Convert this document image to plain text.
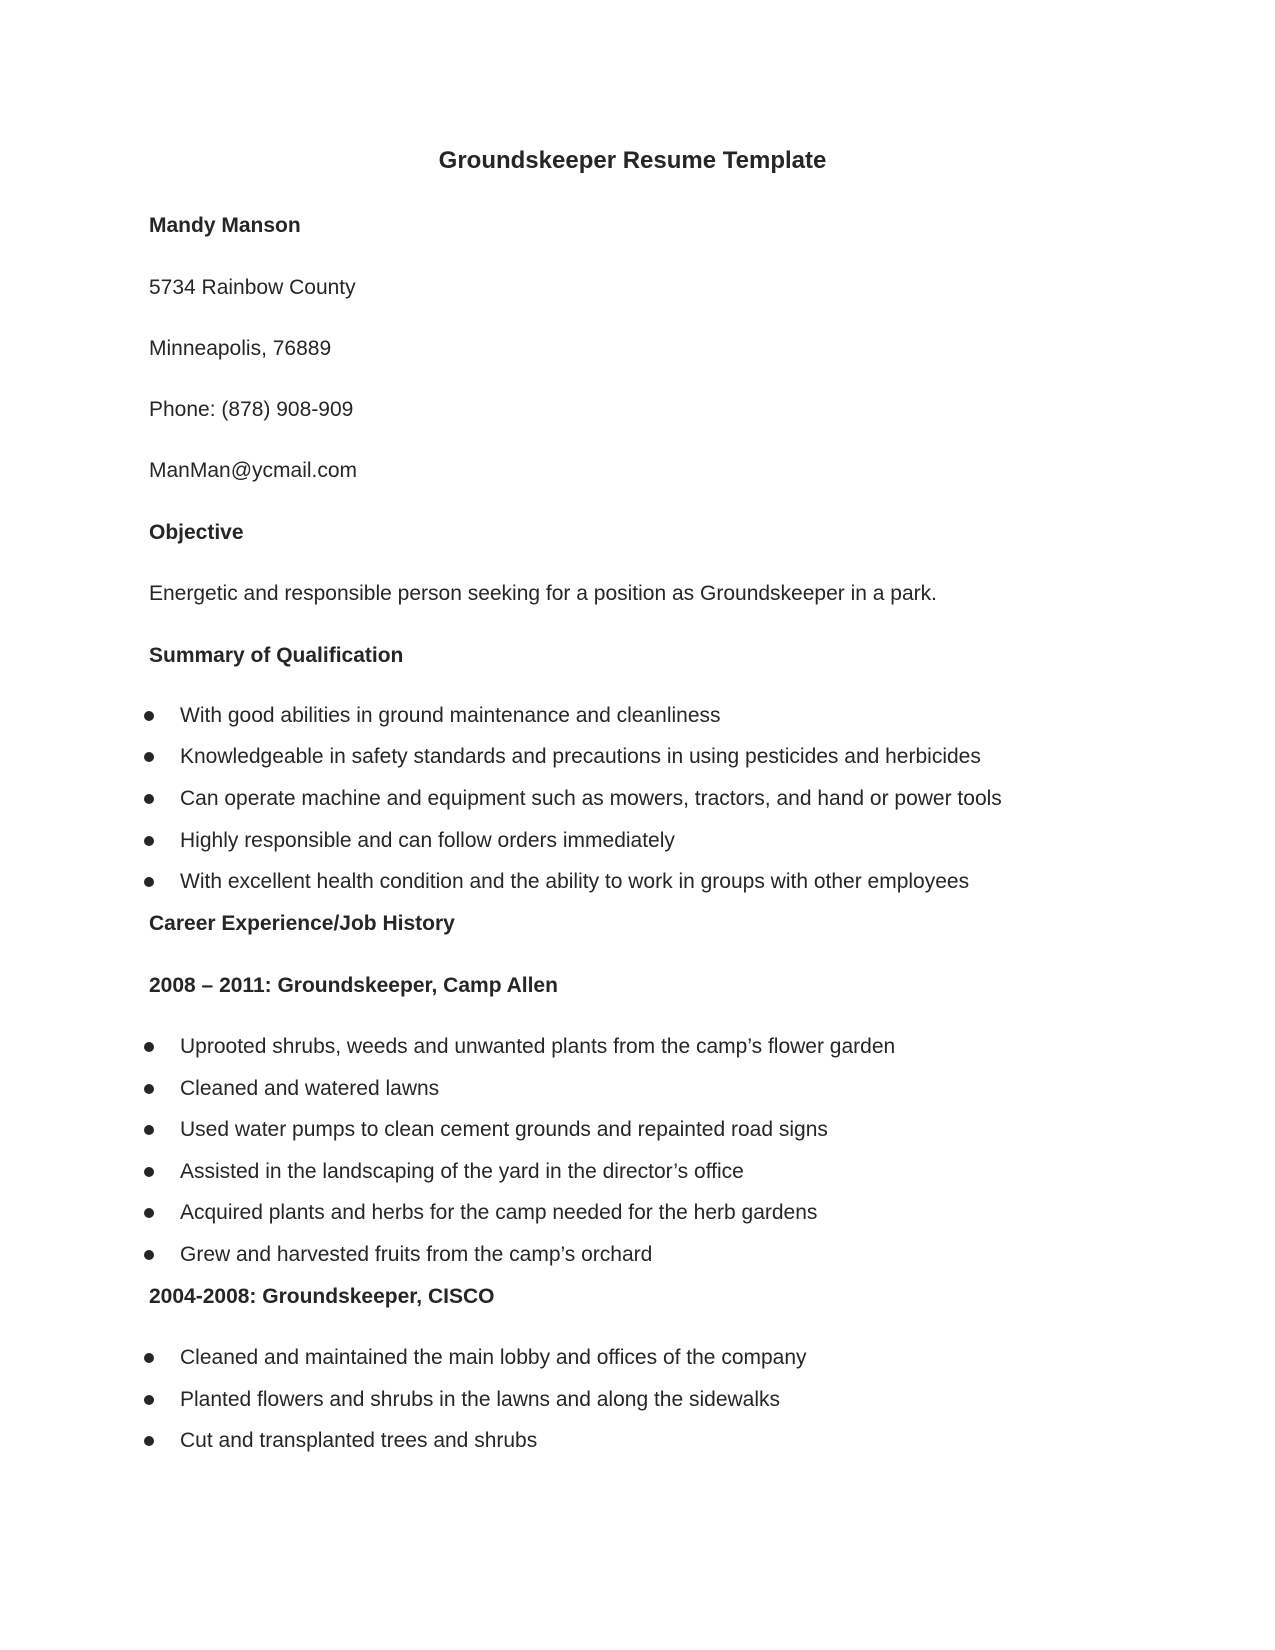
Groundskeeper Resume Template
Mandy Manson
5734 Rainbow County
Minneapolis, 76889
Phone: (878) 908-909
ManMan@ycmail.com
Objective
Energetic and responsible person seeking for a position as Groundskeeper in a park.
Summary of Qualification
With good abilities in ground maintenance and cleanliness
Knowledgeable in safety standards and precautions in using pesticides and herbicides
Can operate machine and equipment such as mowers, tractors, and hand or power tools
Highly responsible and can follow orders immediately
With excellent health condition and the ability to work in groups with other employees
Career Experience/Job History
2008 – 2011: Groundskeeper, Camp Allen
Uprooted shrubs, weeds and unwanted plants from the camp’s flower garden
Cleaned and watered lawns
Used water pumps to clean cement grounds and repainted road signs
Assisted in the landscaping of the yard in the director’s office
Acquired plants and herbs for the camp needed for the herb gardens
Grew and harvested fruits from the camp’s orchard
2004-2008: Groundskeeper, CISCO
Cleaned and maintained the main lobby and offices of the company
Planted flowers and shrubs in the lawns and along the sidewalks
Cut and transplanted trees and shrubs
